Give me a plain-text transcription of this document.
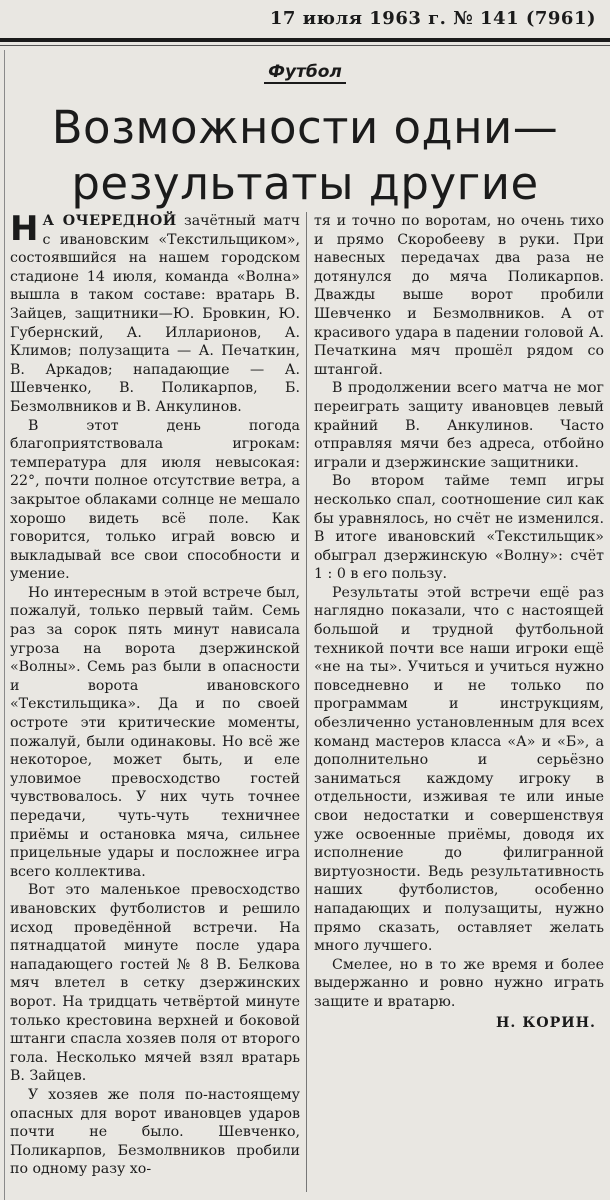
17 июля 1963 г. № 141 (7961)
Футбол
Возможности одни—
результаты другие

Н А ОЧЕРЕДНОЙ зачётный матч с ивановским «Текстильщиком», состоявшийся на нашем городском стадионе 14 июля, команда «Волна» вышла в таком составе: вратарь В. Зайцев, защитники—Ю. Бровкин, Ю. Губернский, А. Илларионов, А. Климов; полузащита — А. Печаткин, В. Аркадов; нападающие — А. Шевченко, В. Поликарпов, Б. Безмолвников и В. Анкулинов.

В этот день погода благоприятствовала игрокам: температура для июля невысокая: 22°, почти полное отсутствие ветра, а закрытое облаками солнце не мешало хорошо видеть всё поле. Как говорится, только играй вовсю и выкладывай все свои способности и умение.

Но интересным в этой встрече был, пожалуй, только первый тайм. Семь раз за сорок пять минут нависала угроза на ворота дзержинской «Волны». Семь раз были в опасности и ворота ивановского «Текстильщика». Да и по своей остроте эти критические моменты, пожалуй, были одинаковы. Но всё же некоторое, может быть, и еле уловимое превосходство гостей чувствовалось. У них чуть точнее передачи, чуть-чуть техничнее приёмы и остановка мяча, сильнее прицельные удары и посложнее игра всего коллектива.

Вот это маленькое превосходство ивановских футболистов и решило исход проведённой встречи. На пятнадцатой минуте после удара нападающего гостей № 8 В. Белкова мяч влетел в сетку дзержинских ворот. На тридцать четвёртой минуте только крестовина верхней и боковой штанги спасла хозяев поля от второго гола. Несколько мячей взял вратарь В. Зайцев.

У хозяев же поля по-настоящему опасных для ворот ивановцев ударов почти не было. Шевченко, Поликарпов, Безмолвников пробили по одному разу хо-

тя и точно по воротам, но очень тихо и прямо Скоробееву в руки. При навесных передачах два раза не дотянулся до мяча Поликарпов. Дважды выше ворот пробили Шевченко и Безмолвников. А от красивого удара в падении головой А. Печаткина мяч прошёл рядом со штангой.

В продолжении всего матча не мог переиграть защиту ивановцев левый крайний В. Анкулинов. Часто отправляя мячи без адреса, отбойно играли и дзержинские защитники.

Во втором тайме темп игры несколько спал, соотношение сил как бы уравнялось, но счёт не изменился. В итоге ивановский «Текстильщик» обыграл дзержинскую «Волну»: счёт 1 : 0 в его пользу.

Результаты этой встречи ещё раз наглядно показали, что с настоящей большой и трудной футбольной техникой почти все наши игроки ещё «не на ты». Учиться и учиться нужно повседневно и не только по программам и инструкциям, обезличенно установленным для всех команд мастеров класса «А» и «Б», а дополнительно и серьёзно заниматься каждому игроку в отдельности, изживая те или иные свои недостатки и совершенствуя уже освоенные приёмы, доводя их исполнение до филигранной виртуозности. Ведь результативность наших футболистов, особенно нападающих и полузащиты, нужно прямо сказать, оставляет желать много лучшего.

Смелее, но в то же время и более выдержанно и ровно нужно играть защите и вратарю.

Н. КОРИН.
